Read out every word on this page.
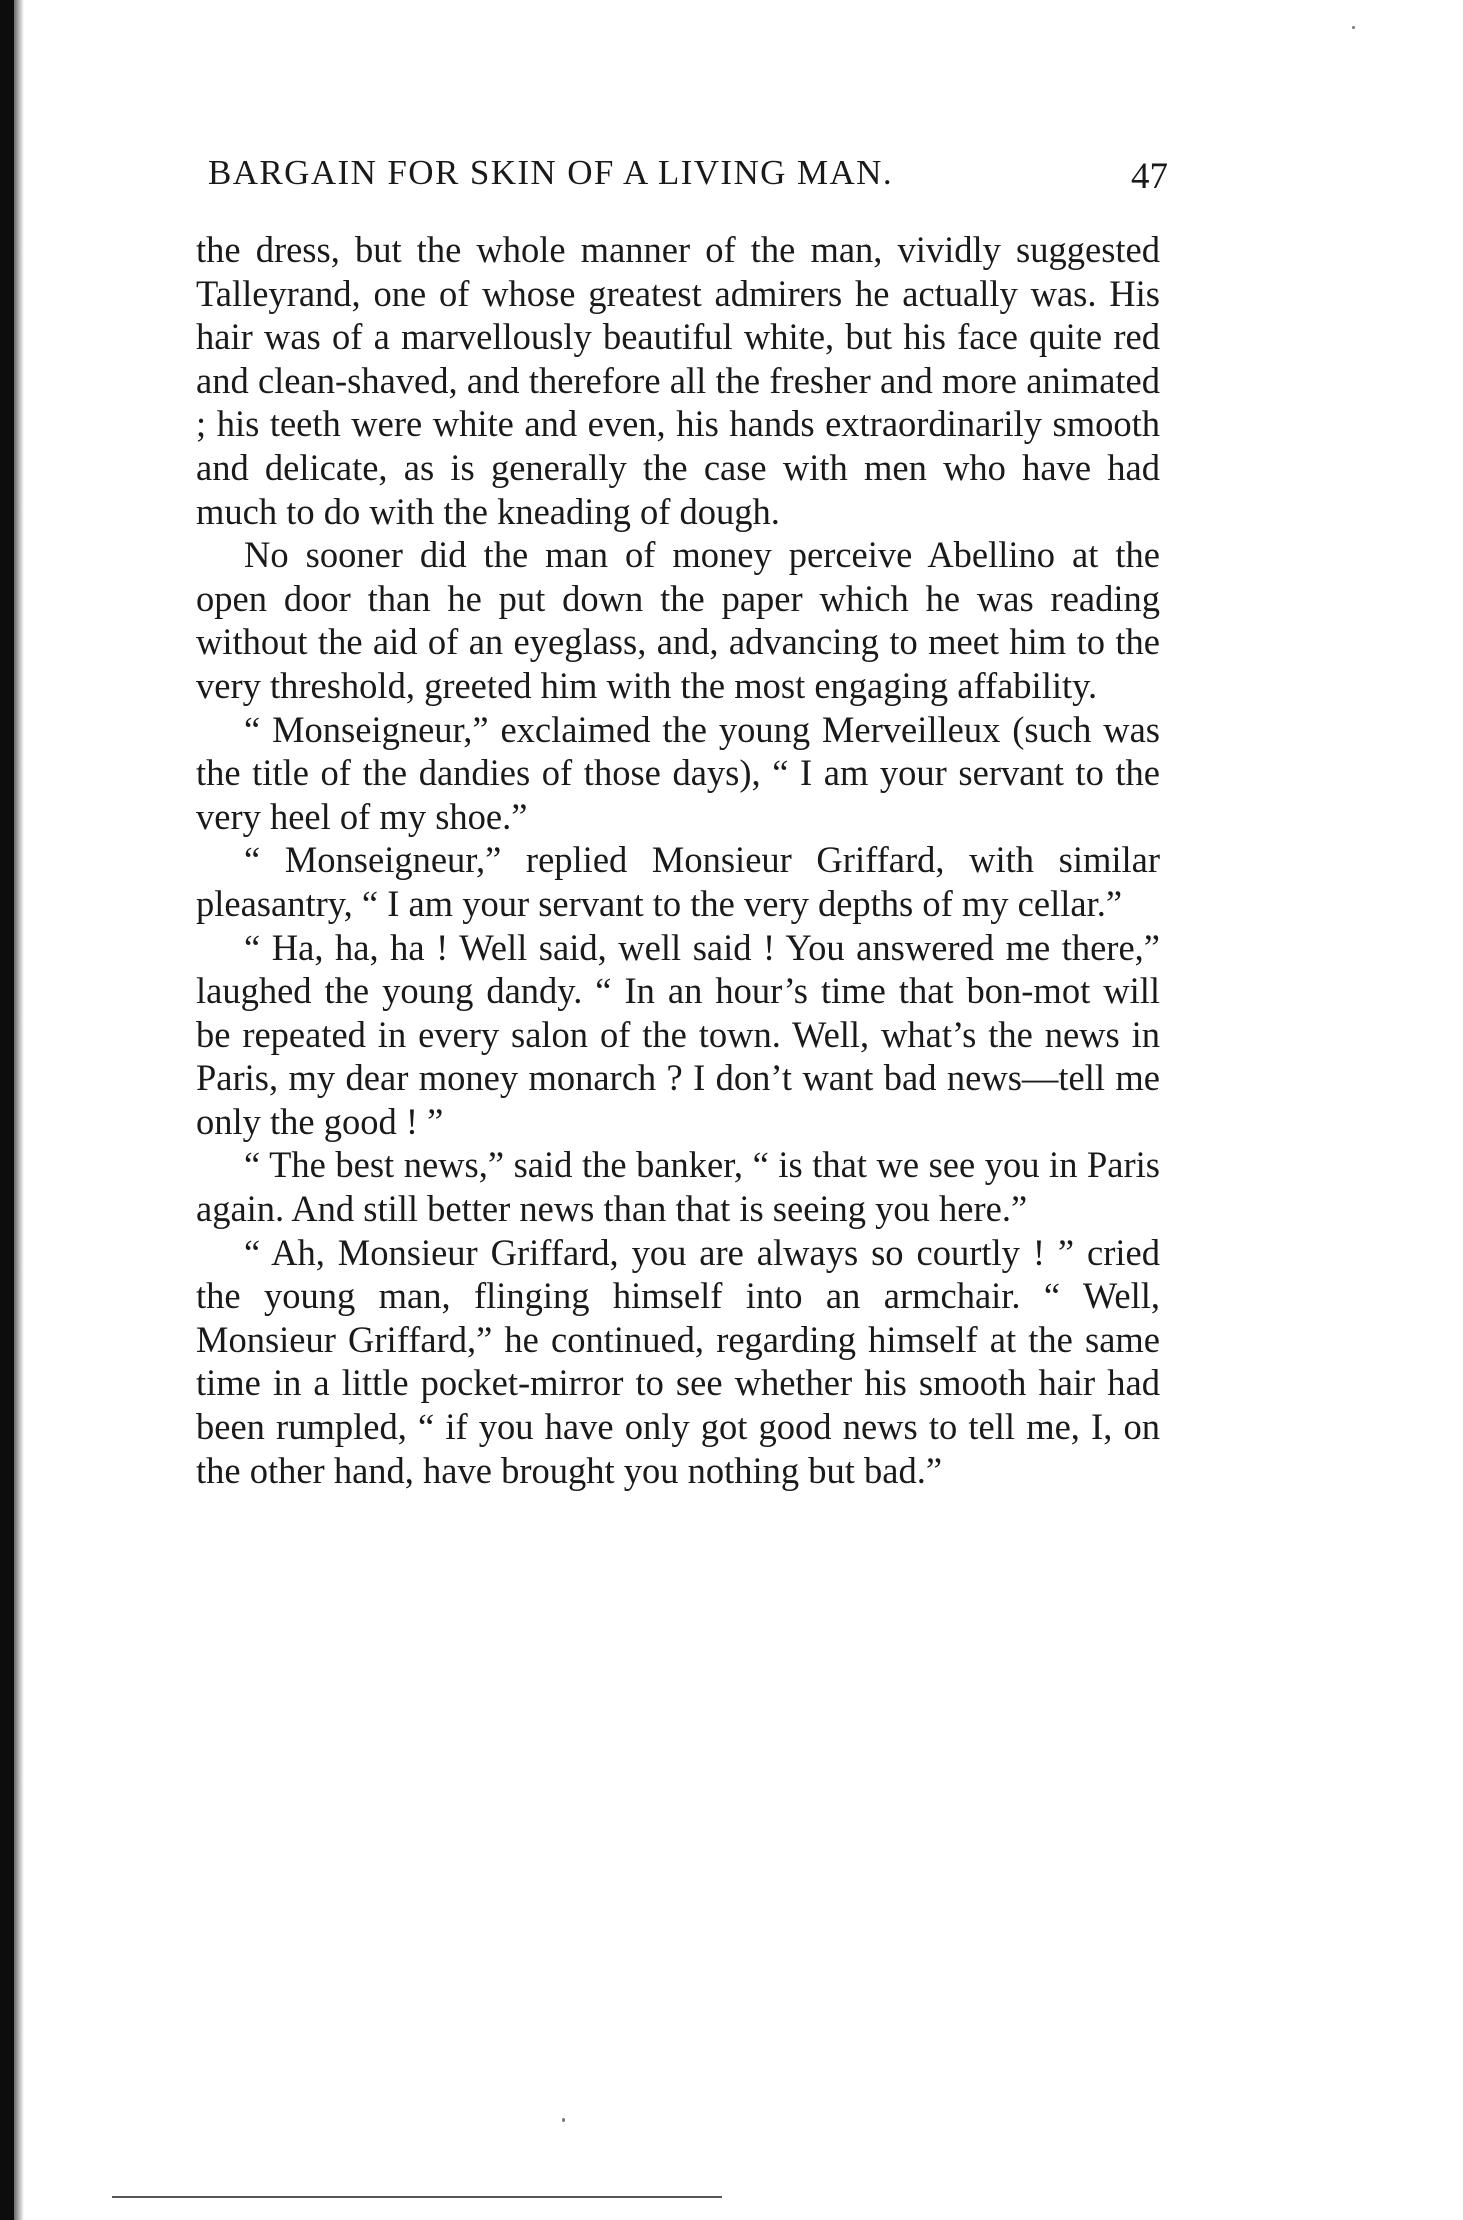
BARGAIN FOR SKIN OF A LIVING MAN.	47

the dress, but the whole manner of the man, vividly suggested Talleyrand, one of whose greatest admirers he actually was. His hair was of a marvellously beautiful white, but his face quite red and clean-shaved, and therefore all the fresher and more animated ; his teeth were white and even, his hands extraordinarily smooth and delicate, as is generally the case with men who have had much to do with the kneading of dough.

No sooner did the man of money perceive Abellino at the open door than he put down the paper which he was reading without the aid of an eyeglass, and, advancing to meet him to the very threshold, greeted him with the most engaging affability.

“ Monseigneur,” exclaimed the young Merveilleux (such was the title of the dandies of those days), “ I am your servant to the very heel of my shoe.”

“ Monseigneur,” replied Monsieur Griffard, with similar pleasantry, “ I am your servant to the very depths of my cellar.”

“ Ha, ha, ha ! Well said, well said ! You answered me there,” laughed the young dandy. “ In an hour’s time that bon-mot will be repeated in every salon of the town. Well, what’s the news in Paris, my dear money monarch ? I don’t want bad news—tell me only the good ! ”

“ The best news,” said the banker, “ is that we see you in Paris again. And still better news than that is seeing you here.”

“ Ah, Monsieur Griffard, you are always so courtly ! ” cried the young man, flinging himself into an armchair. “ Well, Monsieur Griffard,” he continued, regarding himself at the same time in a little pocket-mirror to see whether his smooth hair had been rumpled, “ if you have only got good news to tell me, I, on the other hand, have brought you nothing but bad.”
